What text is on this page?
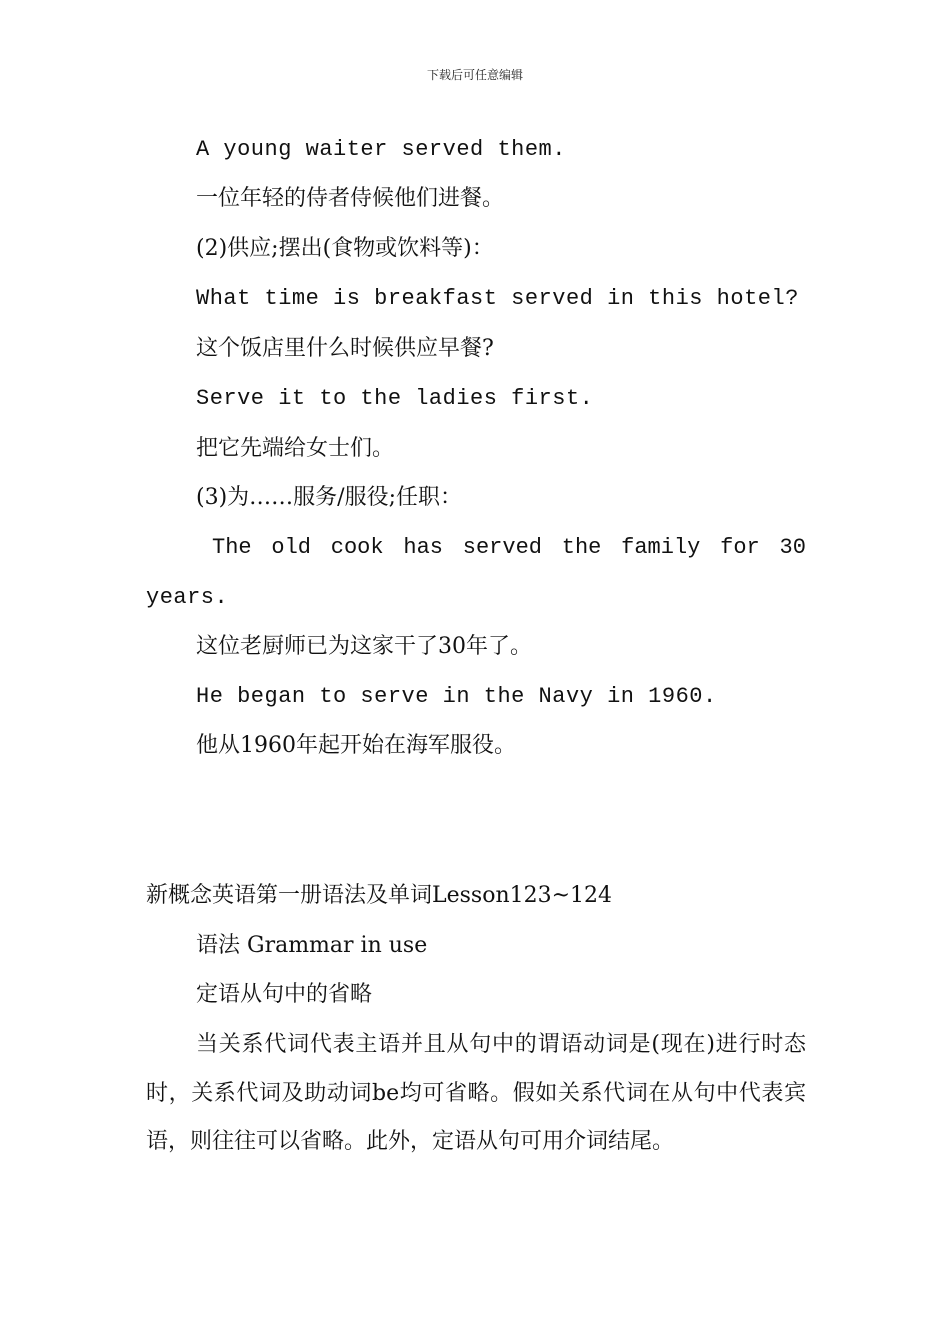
下载后可任意编辑
A young waiter served them.
一位年轻的侍者侍候他们进餐。
(2)供应;摆出(食物或饮料等)：
What time is breakfast served in this hotel?
这个饭店里什么时候供应早餐?
Serve it to the ladies first.
把它先端给女士们。
(3)为……服务/服役;任职：
The old cook has served the family for 30
years.
这位老厨师已为这家干了30年了。
He began to serve in the Navy in 1960.
他从1960年起开始在海军服役。
新概念英语第一册语法及单词Lesson123~124
语法 Grammar in use
定语从句中的省略
当关系代词代表主语并且从句中的谓语动词是(现在)进行时态时，关系代词及助动词be均可省略。假如关系代词在从句中代表宾语，则往往可以省略。此外，定语从句可用介词结尾。
